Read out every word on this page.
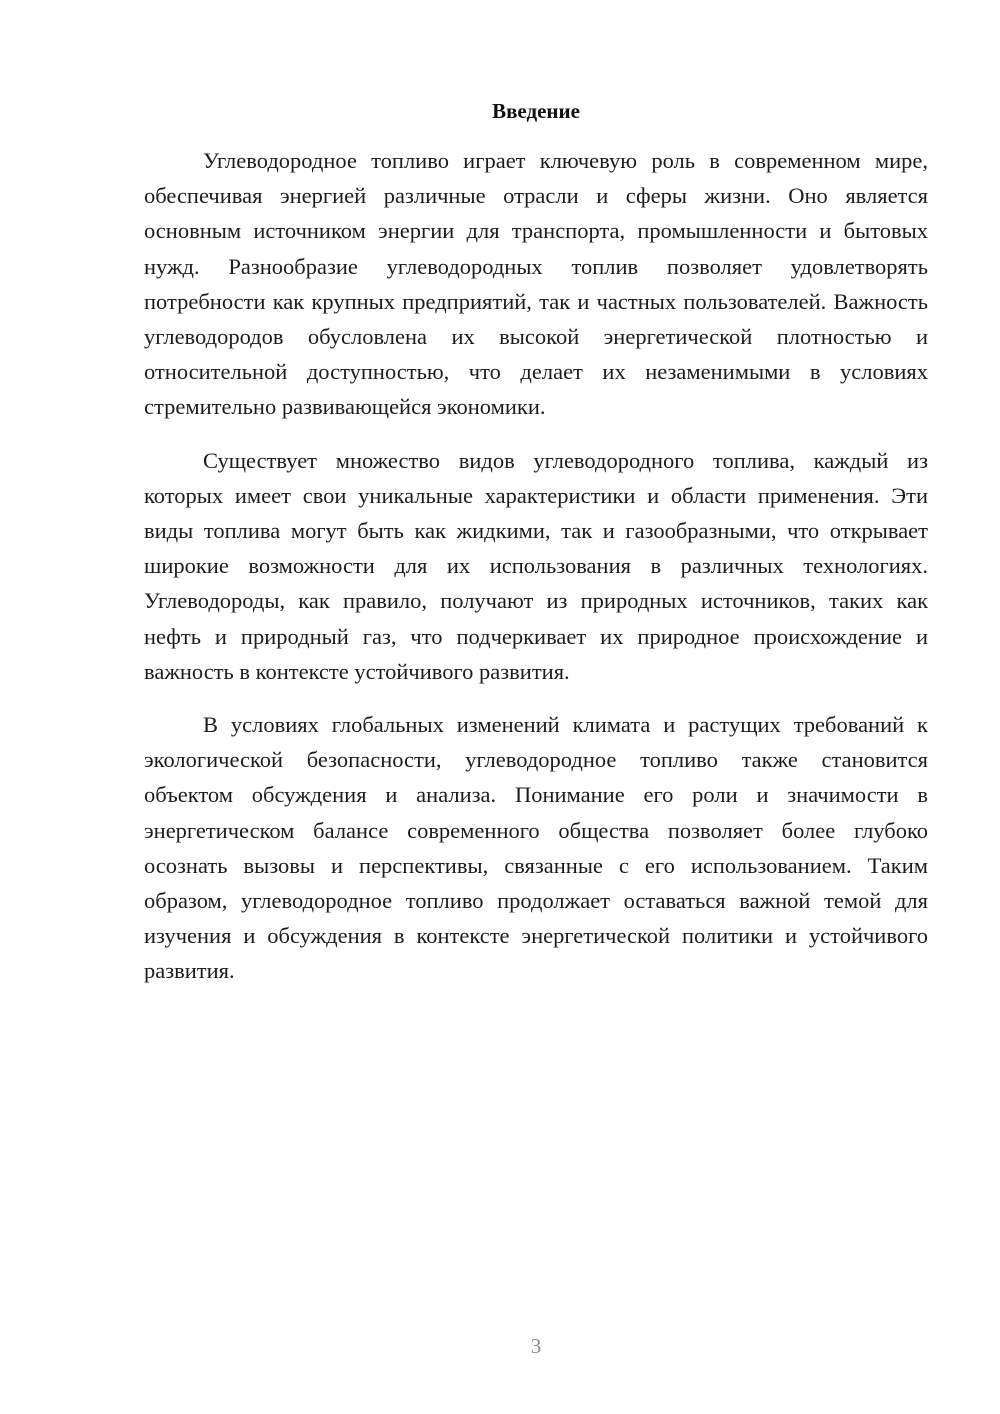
Введение

Углеводородное топливо играет ключевую роль в современном мире, обеспечивая энергией различные отрасли и сферы жизни. Оно является основным источником энергии для транспорта, промышленности и бытовых нужд. Разнообразие углеводородных топлив позволяет удовлетворять потребности как крупных предприятий, так и частных пользователей. Важность углеводородов обусловлена их высокой энергетической плотностью и относительной доступностью, что делает их незаменимыми в условиях стремительно развивающейся экономики.

Существует множество видов углеводородного топлива, каждый из которых имеет свои уникальные характеристики и области применения. Эти виды топлива могут быть как жидкими, так и газообразными, что открывает широкие возможности для их использования в различных технологиях. Углеводороды, как правило, получают из природных источников, таких как нефть и природный газ, что подчеркивает их природное происхождение и важность в контексте устойчивого развития.

В условиях глобальных изменений климата и растущих требований к экологической безопасности, углеводородное топливо также становится объектом обсуждения и анализа. Понимание его роли и значимости в энергетическом балансе современного общества позволяет более глубоко осознать вызовы и перспективы, связанные с его использованием. Таким образом, углеводородное топливо продолжает оставаться важной темой для изучения и обсуждения в контексте энергетической политики и устойчивого развития.

3
